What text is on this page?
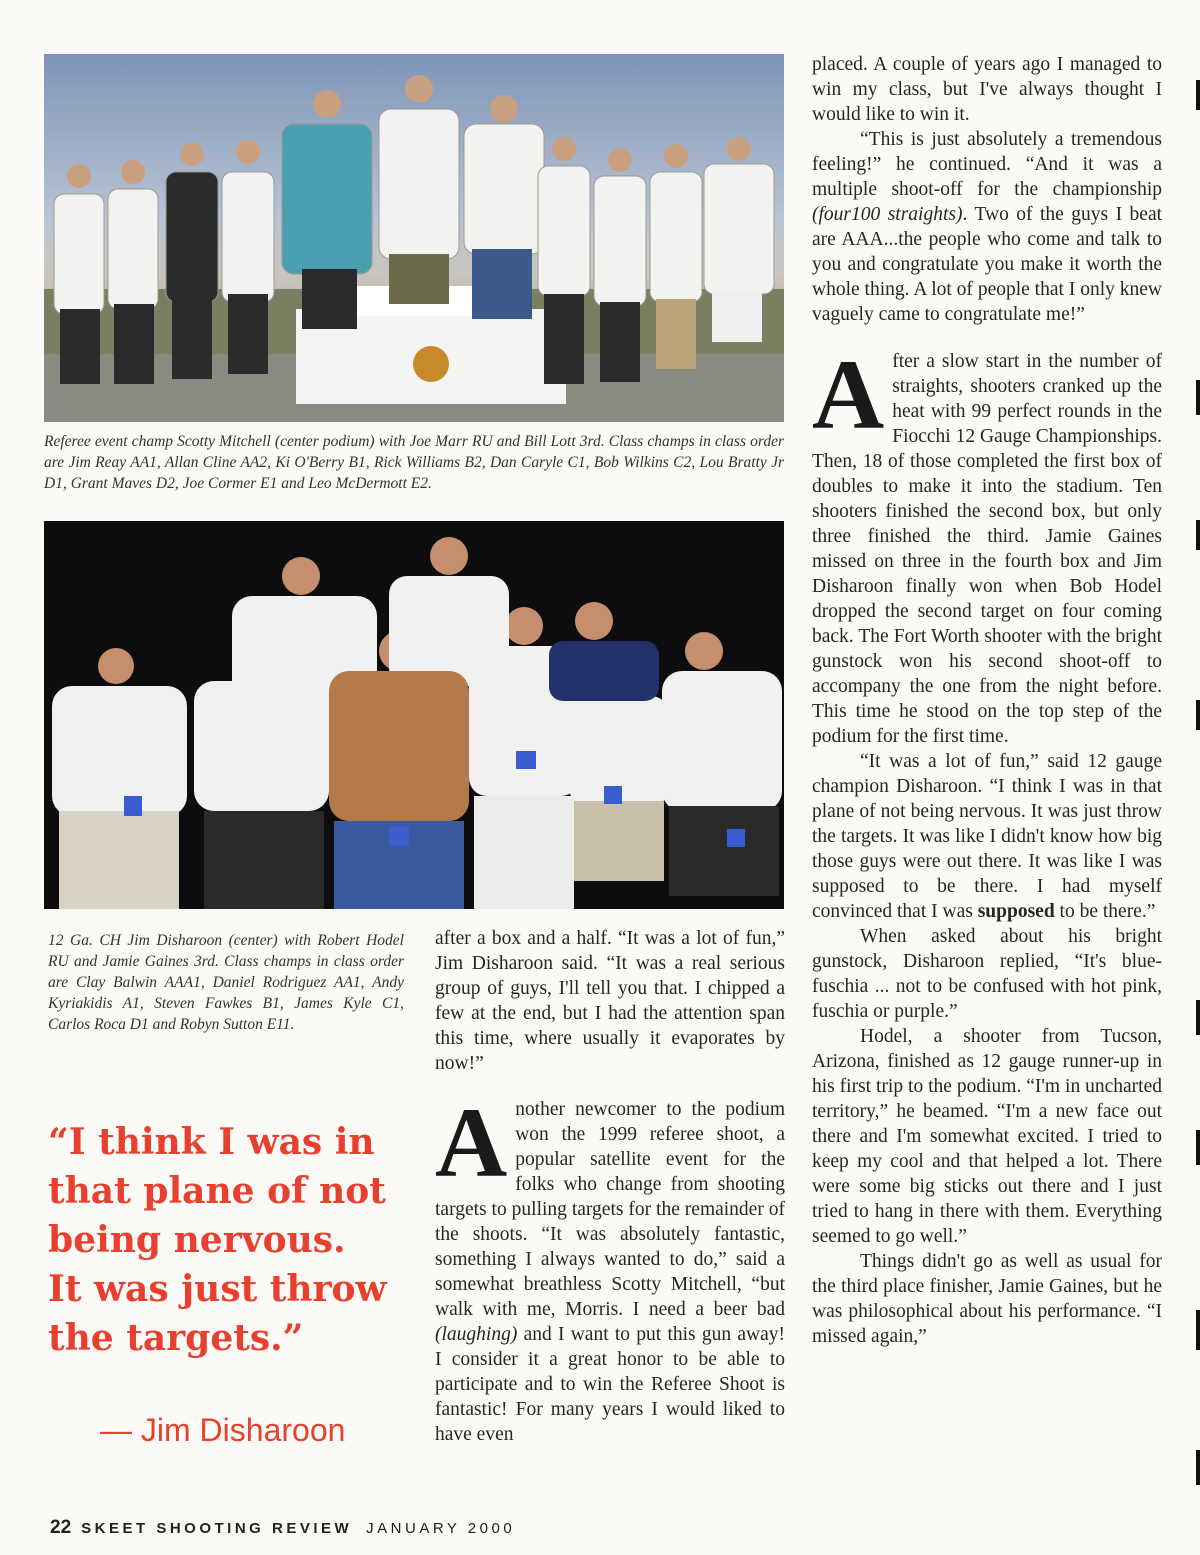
Referee event champ Scotty Mitchell (center podium) with Joe Marr RU and Bill Lott 3rd. Class champs in class order are Jim Reay AA1, Allan Cline AA2, Ki O'Berry B1, Rick Williams B2, Dan Caryle C1, Bob Wilkins C2, Lou Bratty Jr D1, Grant Maves D2, Joe Cormer E1 and Leo McDermott E2.
12 Ga. CH Jim Disharoon (center) with Robert Hodel RU and Jamie Gaines 3rd. Class champs in class order are Clay Balwin AAA1, Daniel Rodriguez AA1, Andy Kyriakidis A1, Steven Fawkes B1, James Kyle C1, Carlos Roca D1 and Robyn Sutton E11.
“I think I was in that plane of not being nervous. It was just throw the targets.”
— Jim Disharoon

after a box and a half. “It was a lot of fun,” Jim Disharoon said. “It was a real serious group of guys, I'll tell you that. I chipped a few at the end, but I had the attention span this time, where usually it evaporates by now!”

Another newcomer to the podium won the 1999 referee shoot, a popular satellite event for the folks who change from shooting targets to pulling targets for the remainder of the shoots. “It was absolutely fantastic, something I always wanted to do,” said a somewhat breathless Scotty Mitchell, “but walk with me, Morris. I need a beer bad (laughing) and I want to put this gun away! I consider it a great honor to be able to participate and to win the Referee Shoot is fantastic! For many years I would liked to have even

placed. A couple of years ago I managed to win my class, but I've always thought I would like to win it.

“This is just absolutely a tremendous feeling!” he continued. “And it was a multiple shoot-off for the championship (four100 straights). Two of the guys I beat are AAA...the people who come and talk to you and congratulate you make it worth the whole thing. A lot of people that I only knew vaguely came to congratulate me!”

After a slow start in the number of straights, shooters cranked up the heat with 99 perfect rounds in the Fiocchi 12 Gauge Championships. Then, 18 of those completed the first box of doubles to make it into the stadium. Ten shooters finished the second box, but only three finished the third. Jamie Gaines missed on three in the fourth box and Jim Disharoon finally won when Bob Hodel dropped the second target on four coming back. The Fort Worth shooter with the bright gunstock won his second shoot-off to accompany the one from the night before. This time he stood on the top step of the podium for the first time.

“It was a lot of fun,” said 12 gauge champion Disharoon. “I think I was in that plane of not being nervous. It was just throw the targets. It was like I didn't know how big those guys were out there. It was like I was supposed to be there. I had myself convinced that I was supposed to be there.”

When asked about his bright gunstock, Disharoon replied, “It's blue-fuschia ... not to be confused with hot pink, fuschia or purple.”

Hodel, a shooter from Tucson, Arizona, finished as 12 gauge runner-up in his first trip to the podium. “I'm in uncharted territory,” he beamed. “I'm a new face out there and I'm somewhat excited. I tried to keep my cool and that helped a lot. There were some big sticks out there and I just tried to hang in there with them. Everything seemed to go well.”

Things didn't go as well as usual for the third place finisher, Jamie Gaines, but he was philosophical about his performance. “I missed again,”

22 SKEET SHOOTING REVIEW JANUARY 2000
